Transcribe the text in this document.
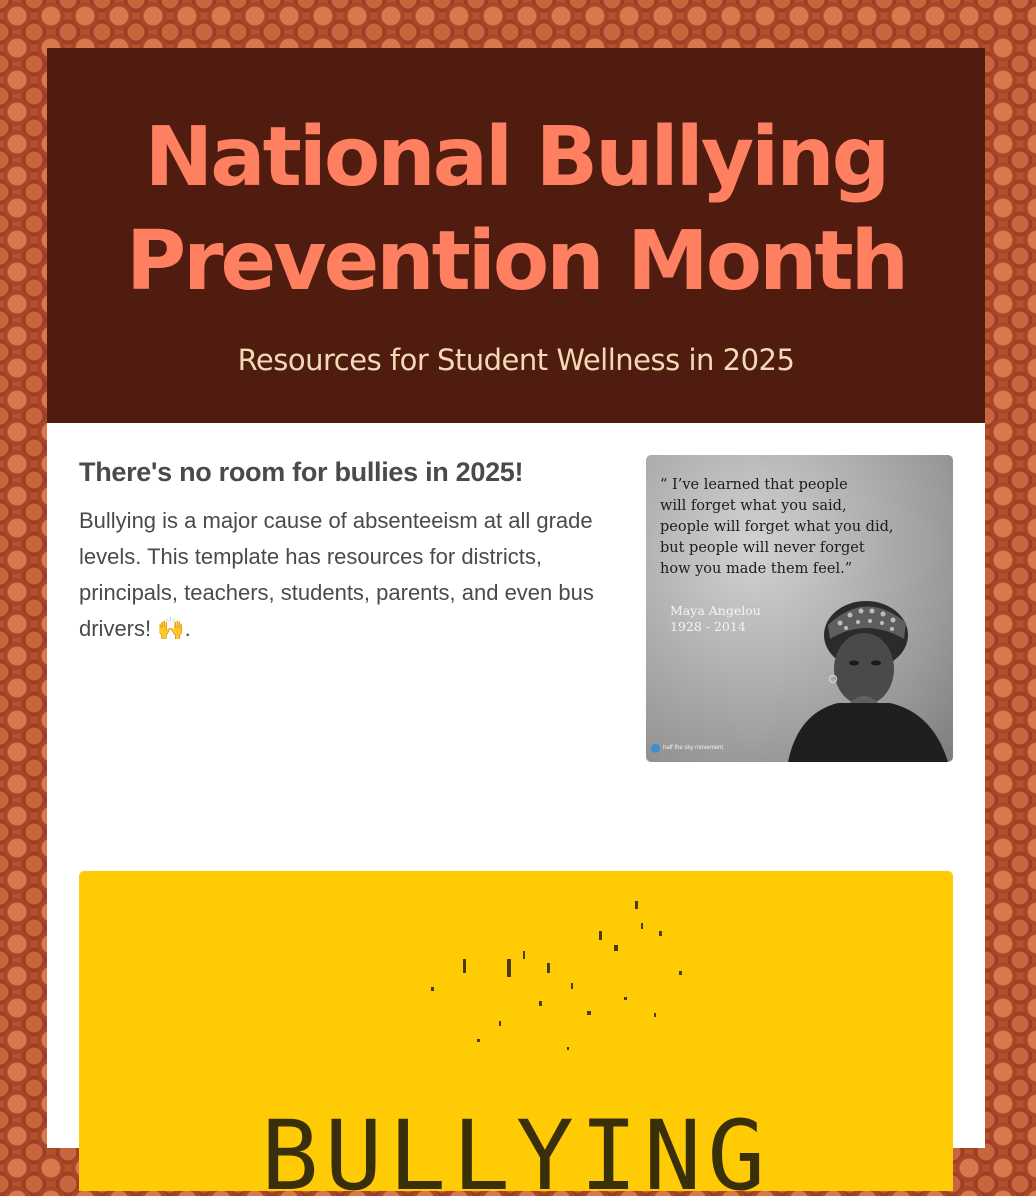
National Bullying Prevention Month
Resources for Student Wellness in 2025
There's no room for bullies in 2025!

Bullying is a major cause of absenteeism at all grade levels. This template has resources for districts, principals, teachers, students, parents, and even bus drivers! 🙌.

“ I’ve learned that people
will forget what you said,
people will forget what you did,
but people will never forget
how you made them feel.”
Maya Angelou
1928 - 2014
half the sky movement
BULLYING
